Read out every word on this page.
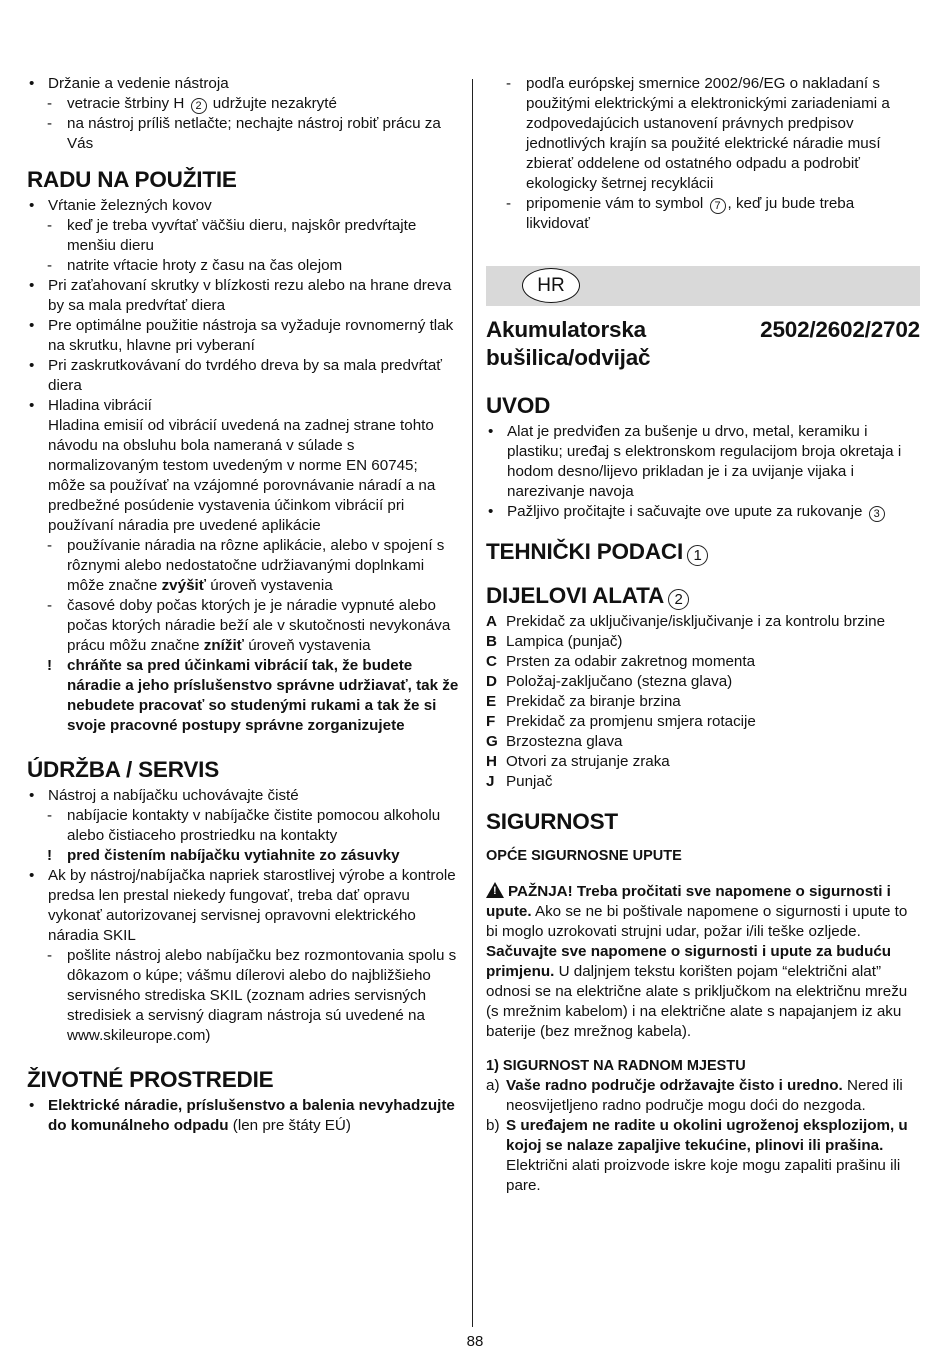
• Držanie a vedenie nástroja
- vetracie štrbiny H 2 udržujte nezakryté
- na nástroj príliš netlačte; nechajte nástroj robiť prácu za Vás
RADU NA POUŽITIE
• Vŕtanie železných kovov
- keď je treba vyvŕtať väčšiu dieru, najskôr predvŕtajte menšiu dieru
- natrite vŕtacie hroty z času na čas olejom
• Pri zaťahovaní skrutky v blízkosti rezu alebo na hrane dreva by sa mala predvŕtať diera
• Pre optimálne použitie nástroja sa vyžaduje rovnomerný tlak na skrutku, hlavne pri vyberaní
• Pri zaskrutkovávaní do tvrdého dreva by sa mala predvŕtať diera
• Hladina vibrácií

Hladina emisií od vibrácií uvedená na zadnej strane tohto návodu na obsluhu bola nameraná v súlade s normalizovaným testom uvedeným v norme EN 60745; môže sa používať na vzájomné porovnávanie náradí a na predbežné posúdenie vystavenia účinkom vibrácií pri používaní náradia pre uvedené aplikácie

- používanie náradia na rôzne aplikácie, alebo v spojení s rôznymi alebo nedostatočne udržiavanými doplnkami môže značne zvýšiť úroveň vystavenia
- časové doby počas ktorých je je náradie vypnuté alebo počas ktorých náradie beží ale v skutočnosti nevykonáva prácu môžu značne znížiť úroveň vystavenia
! chráňte sa pred účinkami vibrácií tak, že budete náradie a jeho príslušenstvo správne udržiavať, tak že nebudete pracovať so studenými rukami a tak že si svoje pracovné postupy správne zorganizujete
ÚDRŽBA / SERVIS
• Nástroj a nabíjačku uchovávajte čisté
- nabíjacie kontakty v nabíjačke čistite pomocou alkoholu alebo čistiaceho prostriedku na kontakty
! pred čistením nabíjačku vytiahnite zo zásuvky
• Ak by nástroj/nabíjačka napriek starostlivej výrobe a kontrole predsa len prestal niekedy fungovať, treba dať opravu vykonať autorizovanej servisnej opravovni elektrického náradia SKIL
- pošlite nástroj alebo nabíjačku bez rozmontovania spolu s dôkazom o kúpe; vášmu dílerovi alebo do najbližšieho servisného strediska SKIL (zoznam adries servisných stredisiek a servisný diagram nástroja sú uvedené na www.skileurope.com)
ŽIVOTNÉ PROSTREDIE
• Elektrické náradie, príslušenstvo a balenia nevyhadzujte do komunálneho odpadu (len pre štáty EÚ)
- podľa európskej smernice 2002/96/EG o nakladaní s použitými elektrickými a elektronickými zariadeniami a zodpovedajúcich ustanovení právnych predpisov jednotlivých krajín sa použité elektrické náradie musí zbierať oddelene od ostatného odpadu a podrobiť ekologicky šetrnej recyklácii
- pripomenie vám to symbol 7 , keď ju bude treba likvidovať
HR
Akumulatorska
bušilica/odvijač
2502/2602/2702
UVOD
• Alat je predviđen za bušenje u drvo, metal, keramiku i plastiku; uređaj s elektronskom regulacijom broja okretaja i hodom desno/lijevo prikladan je i za uvijanje vijaka i narezivanje navoja
• Pažljivo pročitajte i sačuvajte ove upute za rukovanje 3
TEHNIČKI PODACI 1
DIJELOVI ALATA 2
A Prekidač za uključivanje/isključivanje i za kontrolu brzine
B Lampica (punjač)
C Prsten za odabir zakretnog momenta
D Položaj-zaključano (stezna glava)
E Prekidač za biranje brzina
F Prekidač za promjenu smjera rotacije
G Brzostezna glava
H Otvori za strujanje zraka
J Punjač
SIGURNOST
OPĆE SIGURNOSNE UPUTE

! PAŽNJA! Treba pročitati sve napomene o sigurnosti i upute. Ako se ne bi poštivale napomene o sigurnosti i upute to bi moglo uzrokovati strujni udar, požar i/ili teške ozljede. Sačuvajte sve napomene o sigurnosti i upute za buduću primjenu. U daljnjem tekstu korišten pojam “električni alat” odnosi se na električne alate s priključkom na električnu mrežu (s mrežnim kabelom) i na električne alate s napajanjem iz aku baterije (bez mrežnog kabela).

1) SIGURNOST NA RADNOM MJESTU
a) Vaše radno područje održavajte čisto i uredno. Nered ili neosvijetljeno radno područje mogu doći do nezgoda.
b) S uređajem ne radite u okolini ugroženoj eksplozijom, u kojoj se nalaze zapaljive tekućine, plinovi ili prašina. Električni alati proizvode iskre koje mogu zapaliti prašinu ili pare.
88
